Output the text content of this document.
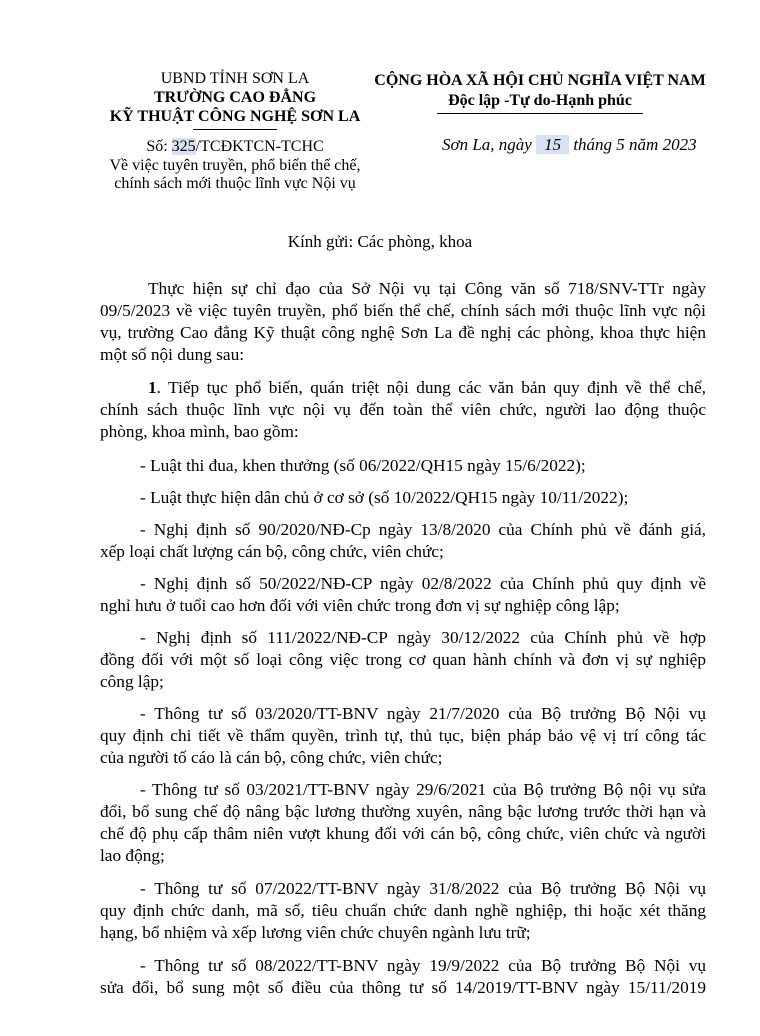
UBND TỈNH SƠN LA
TRƯỜNG CAO ĐẲNG
KỸ THUẬT CÔNG NGHỆ SƠN LA
Số: 325/TCĐKTCN-TCHC
Về việc tuyên truyền, phổ biến thể chế,
chính sách mới thuộc lĩnh vực Nội vụ
CỘNG HÒA XÃ HỘI CHỦ NGHĨA VIỆT NAM
Độc lập -Tự do-Hạnh phúc
Sơn La, ngày 15 tháng 5 năm 2023
Kính gửi: Các phòng, khoa
Thực hiện sự chỉ đạo của Sở Nội vụ tại Công văn số 718/SNV-TTr ngày
09/5/2023 về việc tuyên truyền, phổ biến thể chế, chính sách mới thuộc lĩnh vực nội
vụ, trường Cao đẳng Kỹ thuật công nghệ Sơn La đề nghị các phòng, khoa thực hiện
một số nội dung sau:
1. Tiếp tục phổ biến, quán triệt nội dung các văn bản quy định về thể chế,
chính sách thuộc lĩnh vực nội vụ đến toàn thể viên chức, người lao động thuộc
phòng, khoa mình, bao gồm:
- Luật thi đua, khen thưởng (số 06/2022/QH15 ngày 15/6/2022);
- Luật thực hiện dân chủ ở cơ sở (số 10/2022/QH15 ngày 10/11/2022);
- Nghị định số 90/2020/NĐ-Cp ngày 13/8/2020 của Chính phủ về đánh giá,
xếp loại chất lượng cán bộ, công chức, viên chức;
- Nghị định số 50/2022/NĐ-CP ngày 02/8/2022 của Chính phủ quy định về
nghỉ hưu ở tuổi cao hơn đối với viên chức trong đơn vị sự nghiệp công lập;
- Nghị định số 111/2022/NĐ-CP ngày 30/12/2022 của Chính phủ về hợp
đồng đối với một số loại công việc trong cơ quan hành chính và đơn vị sự nghiệp
công lập;
- Thông tư số 03/2020/TT-BNV ngày 21/7/2020 của Bộ trưởng Bộ Nội vụ
quy định chi tiết về thẩm quyền, trình tự, thủ tục, biện pháp bảo vệ vị trí công tác
của người tố cáo là cán bộ, công chức, viên chức;
- Thông tư số 03/2021/TT-BNV ngày 29/6/2021 của Bộ trưởng Bộ nội vụ sửa
đổi, bổ sung chế độ nâng bậc lương thường xuyên, nâng bậc lương trước thời hạn và
chế độ phụ cấp thâm niên vượt khung đối với cán bộ, công chức, viên chức và người
lao động;
- Thông tư số 07/2022/TT-BNV ngày 31/8/2022 của Bộ trưởng Bộ Nội vụ
quy định chức danh, mã số, tiêu chuẩn chức danh nghề nghiệp, thi hoặc xét thăng
hạng, bổ nhiệm và xếp lương viên chức chuyên ngành lưu trữ;
- Thông tư số 08/2022/TT-BNV ngày 19/9/2022 của Bộ trưởng Bộ Nội vụ
sửa đổi, bổ sung một số điều của thông tư số 14/2019/TT-BNV ngày 15/11/2019
